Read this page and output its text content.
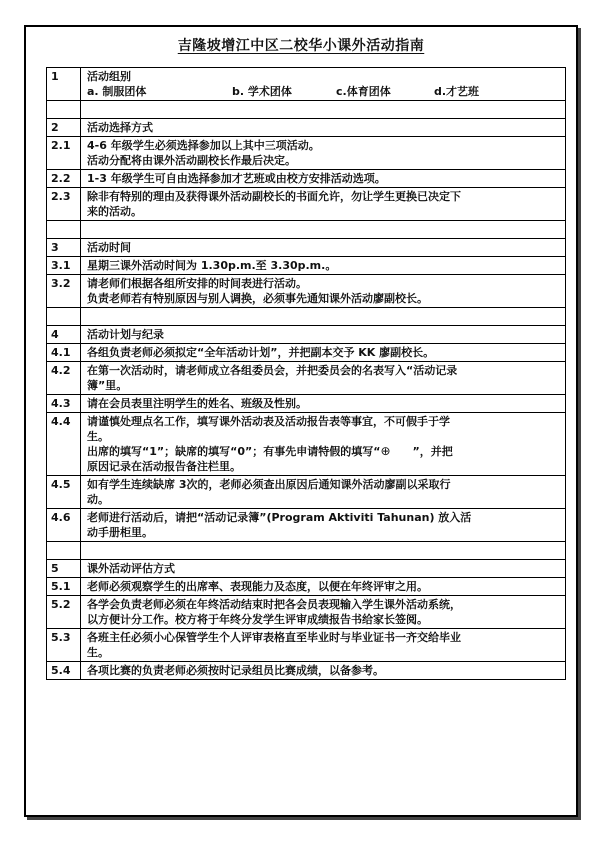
吉隆坡增江中区二校华小课外活动指南
1	活动组别
a. 制服团体 b. 学术团体 c.体育团体 d.才艺班

2	活动选择方式
2.1	4-6 年级学生必须选择参加以上其中三项活动。
活动分配将由课外活动副校长作最后决定。

2.2	1-3 年级学生可自由选择参加才艺班或由校方安排活动选项。

2.3	除非有特别的理由及获得课外活动副校长的书面允许，勿让学生更换已决定下
来的活动。

3	活动时间
3.1	星期三课外活动时间为 1.30p.m.至 3.30p.m.。

3.2	请老师们根据各组所安排的时间表进行活动。
负责老师若有特别原因与别人调换，必须事先通知课外活动廖副校长。

4	活动计划与纪录
4.1	各组负责老师必须拟定“全年活动计划”，并把副本交予 KK 廖副校长。

4.2	在第一次活动时，请老师成立各组委员会，并把委员会的名表写入“活动记录
簿”里。

4.3	请在会员表里注明学生的姓名、班级及性别。

4.4	请谨慎处理点名工作，填写课外活动表及活动报告表等事宜，不可假手于学
生。
出席的填写“1”；缺席的填写“0”；有事先申请特假的填写“⊕ ”，并把
原因记录在活动报告备注栏里。

4.5	如有学生连续缺席 3次的，老师必须查出原因后通知课外活动廖副以采取行
动。

4.6	老师进行活动后，请把“活动记录簿”(Program Aktiviti Tahunan) 放入活
动手册柜里。

5	课外活动评估方式
5.1	老师必须观察学生的出席率、表现能力及态度，以便在年终评审之用。

5.2	各学会负责老师必须在年终活动结束时把各会员表现输入学生课外活动系统，
以方便计分工作。校方将于年终分发学生评审成绩报告书给家长签阅。

5.3	各班主任必须小心保管学生个人评审表格直至毕业时与毕业证书一齐交给毕业
生。

5.4	各项比赛的负责老师必须按时记录组员比赛成绩，以备参考。
